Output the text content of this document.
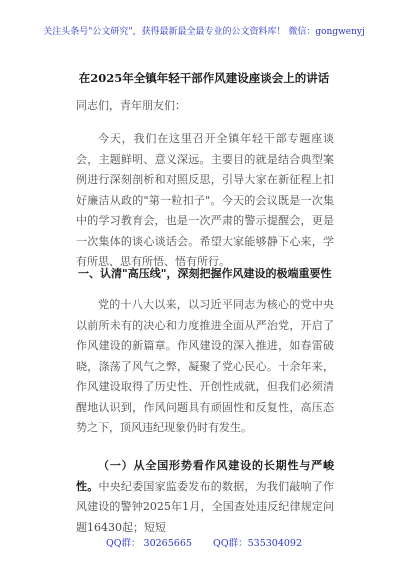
关注头条号"公文研究"，获得最新最全最专业的公文资料库！ 微信：gongwenyj
在2025年全镇年轻干部作风建设座谈会上的讲话
同志们，青年朋友们：
今天，我们在这里召开全镇年轻干部专题座谈会，主题鲜明、意义深远。主要目的就是结合典型案例进行深刻剖析和对照反思，引导大家在新征程上扣好廉洁从政的"第一粒扣子"。今天的会议既是一次集中的学习教育会，也是一次严肃的警示提醒会，更是一次集体的谈心谈话会。希望大家能够静下心来，学有所思、思有所悟、悟有所行。
一、认清"高压线"，深刻把握作风建设的极端重要性
党的十八大以来，以习近平同志为核心的党中央以前所未有的决心和力度推进全面从严治党，开启了作风建设的新篇章。作风建设的深入推进，如春雷破晓，涤荡了风气之弊，凝聚了党心民心。十余年来，作风建设取得了历史性、开创性成就，但我们必须清醒地认识到，作风问题具有顽固性和反复性，高压态势之下，顶风违纪现象仍时有发生。
（一）从全国形势看作风建设的长期性与严峻性。中央纪委国家监委发布的数据，为我们敲响了作风建设的警钟2025年1月，全国查处违反纪律规定问题16430起；短短
QQ群： 30265665       QQ群：535304092
